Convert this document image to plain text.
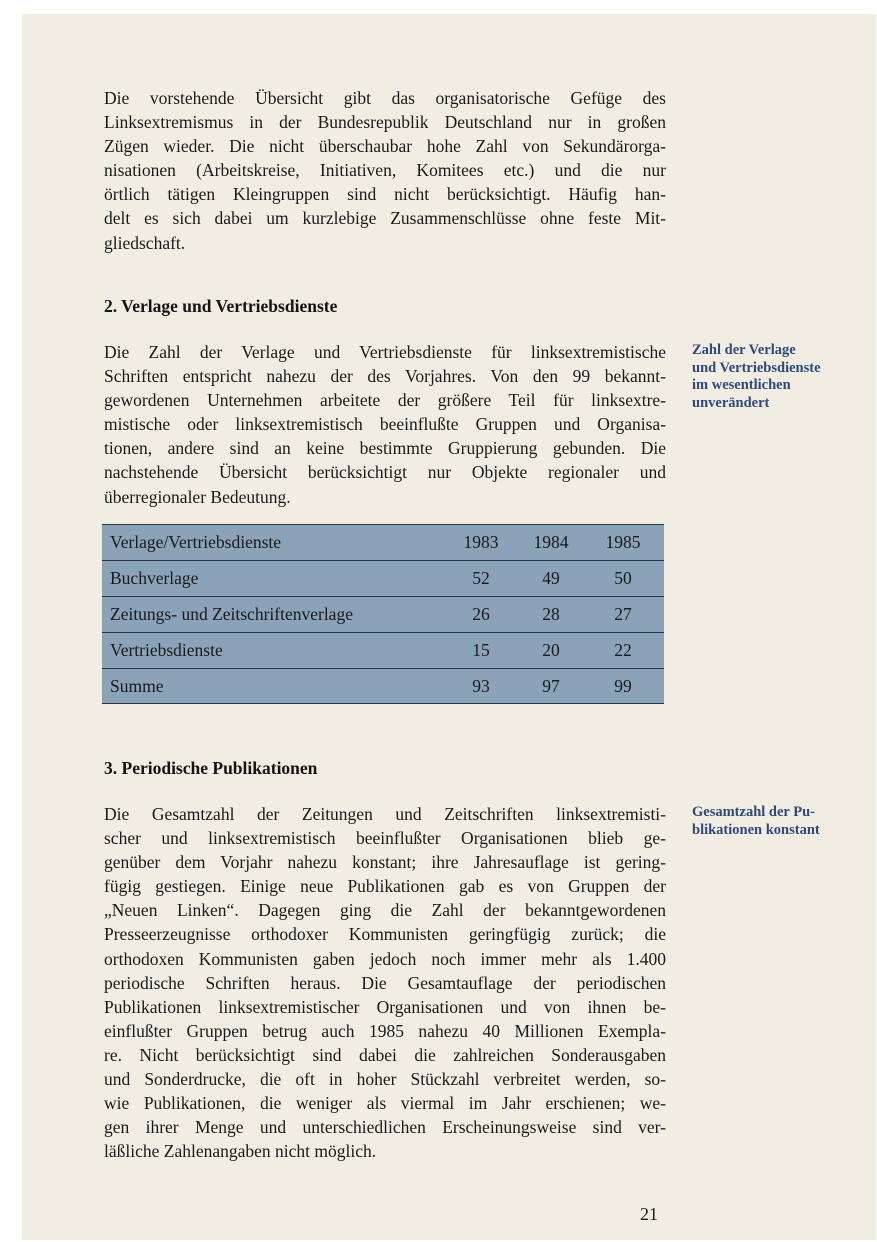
Die vorstehende Übersicht gibt das organisatorische Gefüge des
Linksextremismus in der Bundesrepublik Deutschland nur in großen
Zügen wieder. Die nicht überschaubar hohe Zahl von Sekundärorga-
nisationen (Arbeitskreise, Initiativen, Komitees etc.) und die nur
örtlich tätigen Kleingruppen sind nicht berücksichtigt. Häufig han-
delt es sich dabei um kurzlebige Zusammenschlüsse ohne feste Mit-
gliedschaft.

2. Verlage und Vertriebsdienste

Die Zahl der Verlage und Vertriebsdienste für linksextremistische
Schriften entspricht nahezu der des Vorjahres. Von den 99 bekannt-
gewordenen Unternehmen arbeitete der größere Teil für linksextre-
mistische oder linksextremistisch beeinflußte Gruppen und Organisa-
tionen, andere sind an keine bestimmte Gruppierung gebunden. Die
nachstehende Übersicht berücksichtigt nur Objekte regionaler und
überregionaler Bedeutung.

Zahl der Verlage
und Vertriebsdienste
im wesentlichen
unverändert

Verlage/Vertriebsdienste	1983	1984	1985
Buchverlage	52	49	50
Zeitungs- und Zeitschriftenverlage	26	28	27
Vertriebsdienste	15	20	22
Summe	93	97	99
3. Periodische Publikationen

Die Gesamtzahl der Zeitungen und Zeitschriften linksextremisti-
scher und linksextremistisch beeinflußter Organisationen blieb ge-
genüber dem Vorjahr nahezu konstant; ihre Jahresauflage ist gering-
fügig gestiegen. Einige neue Publikationen gab es von Gruppen der
„Neuen Linken“. Dagegen ging die Zahl der bekanntgewordenen
Presseerzeugnisse orthodoxer Kommunisten geringfügig zurück; die
orthodoxen Kommunisten gaben jedoch noch immer mehr als 1.400
periodische Schriften heraus. Die Gesamtauflage der periodischen
Publikationen linksextremistischer Organisationen und von ihnen be-
einflußter Gruppen betrug auch 1985 nahezu 40 Millionen Exempla-
re. Nicht berücksichtigt sind dabei die zahlreichen Sonderausgaben
und Sonderdrucke, die oft in hoher Stückzahl verbreitet werden, so-
wie Publikationen, die weniger als viermal im Jahr erschienen; we-
gen ihrer Menge und unterschiedlichen Erscheinungsweise sind ver-
läßliche Zahlenangaben nicht möglich.

Gesamtzahl der Pu-
blikationen konstant

21
